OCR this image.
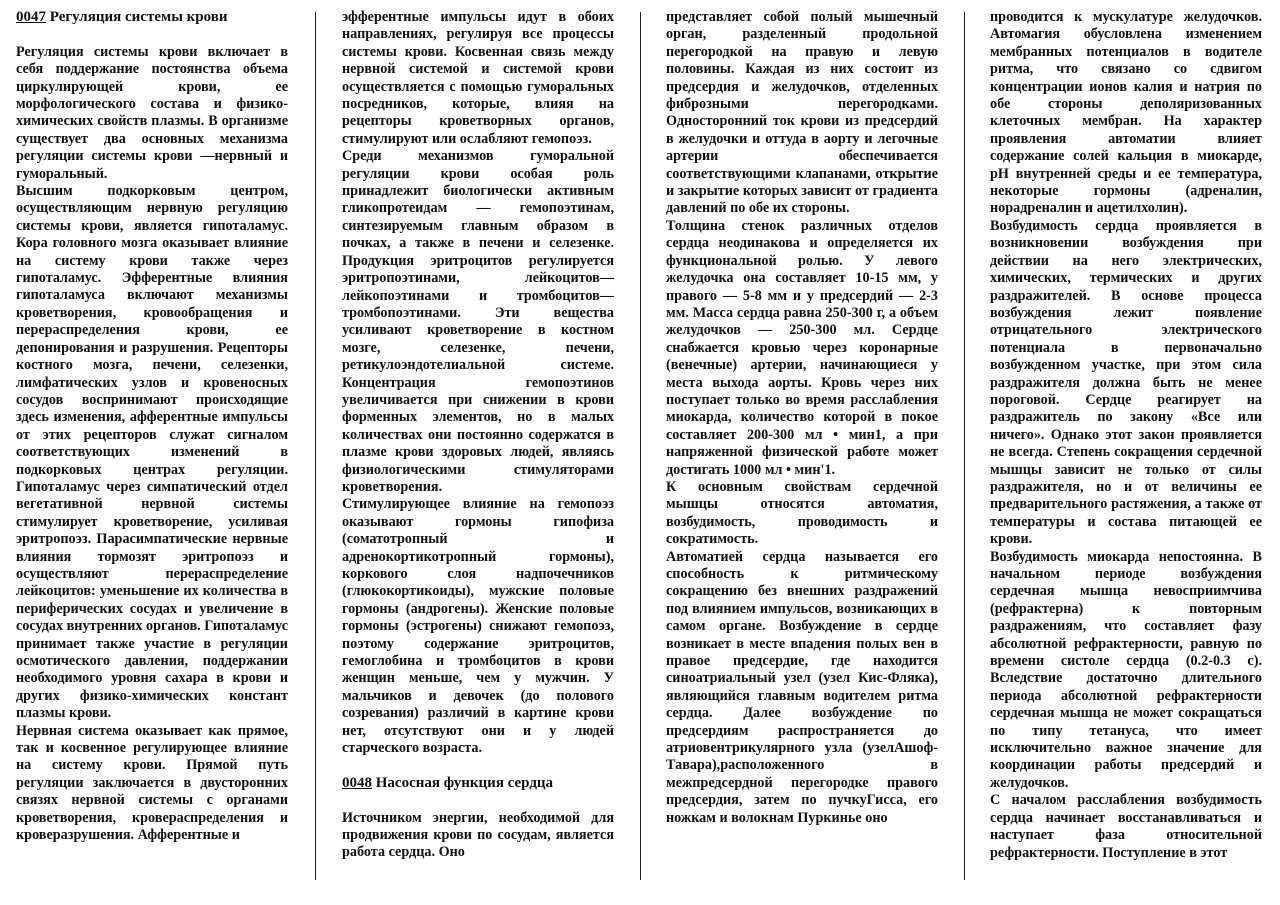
0047 Регуляция системы крови

Регуляция системы крови включает в себя поддержание постоянства объема циркулирующей крови, ее морфологического состава и физико-химических свойств плазмы. В организме существует два основных механизма регуляции системы крови —нервный и гуморальный.

Высшим подкорковым центром, осуществляющим нервную регуляцию системы крови, является гипоталамус. Кора головного мозга оказывает влияние на систему крови также через гипоталамус. Эфферентные влияния гипоталамуса включают механизмы кроветворения, кровообращения и перераспределения крови, ее депонирования и разрушения. Рецепторы костного мозга, печени, селезенки, лимфатических узлов и кровеносных сосудов воспринимают происходящие здесь изменения, афферентные импульсы от этих рецепторов служат сигналом соответствующих изменений в подкорковых центрах регуляции. Гипоталамус через симпатический отдел вегетативной нервной системы стимулирует кроветворение, усиливая эритропоэз. Парасимпатические нервные влияния тормозят эритропоэз и осуществляют перераспределение лейкоцитов: уменьшение их количества в периферических сосудах и увеличение в сосудах внутренних органов. Гипоталамус принимает также участие в регуляции осмотического давления, поддержании необходимого уровня сахара в крови и других физико-химических констант плазмы крови.

Нервная система оказывает как прямое, так и косвенное регулирующее влияние на систему крови. Прямой путь регуляции заключается в двусторонних связях нервной системы с органами кроветворения, кровераспределения и кроверазрушения. Афферентные и

эфферентные импульсы идут в обоих направлениях, регулируя все процессы системы крови. Косвенная связь между нервной системой и системой крови осуществляется с помощью гуморальных посредников, которые, влияя на рецепторы кроветворных органов, стимулируют или ослабляют гемопоэз.

Среди механизмов гуморальной регуляции крови особая роль принадлежит биологически активным гликопротеидам — гемопоэтинам, синтезируемым главным образом в почках, а также в печени и селезенке. Продукция эритроцитов регулируется эритропоэтинами, лейкоцитов— лейкопоэтинами и тромбоцитов— тромбопоэтинами. Эти вещества усиливают кроветворение в костном мозге, селезенке, печени, ретикулоэндотелиальной системе. Концентрация гемопоэтинов увеличивается при снижении в крови форменных элементов, но в малых количествах они постоянно содержатся в плазме крови здоровых людей, являясь физиологическими стимуляторами кроветворения.

Стимулирующее влияние на гемопоэз оказывают гормоны гипофиза (соматотропный и адренокортикотропный гормоны), коркового слоя надпочечников (глюкокортикоиды), мужские половые гормоны (андрогены). Женские половые гормоны (эстрогены) снижают гемопоэз, поэтому содержание эритроцитов, гемоглобина и тромбоцитов в крови женщин меньше, чем у мужчин. У мальчиков и девочек (до полового созревания) различий в картине крови нет, отсутствуют они и у людей старческого возраста.

0048 Насосная функция сердца

Источником энергии, необходимой для продвижения крови по сосудам, является работа сердца. Оно

представляет собой полый мышечный орган, разделенный продольной перегородкой на правую и левую половины. Каждая из них состоит из предсердия и желудочков, отделенных фиброзными перегородками. Односторонний ток крови из предсердий в желудочки и оттуда в аорту и легочные артерии обеспечивается соответствующими клапанами, открытие и закрытие которых зависит от градиента давлений по обе их стороны.

Толщина стенок различных отделов сердца неодинакова и определяется их функциональной ролью. У левого желудочка она составляет 10-15 мм, у правого — 5-8 мм и у предсердий — 2-3 мм. Масса сердца равна 250-300 г, а объем желудочков — 250-300 мл. Сердце снабжается кровью через коронарные (венечные) артерии, начинающиеся у места выхода аорты. Кровь через них поступает только во время расслабления миокарда, количество которой в покое составляет 200-300 мл • мин1, а при напряженной физической работе может достигать 1000 мл • мин'1.

К основным свойствам сердечной мышцы относятся автоматия, возбудимость, проводимость и сократимость.

Автоматией сердца называется его способность к ритмическому сокращению без внешних раздражений под влиянием импульсов, возникающих в самом органе. Возбуждение в сердце возникает в месте впадения полых вен в правое предсердие, где находится синоатриальный узел (узел Кис-Фляка), являющийся главным водителем ритма сердца. Далее возбуждение по предсердиям распространяется до атриовентрикулярного узла (узелАшоф-Тавара),расположенного в межпредсердной перегородке правого предсердия, затем по пучкуГисса, его ножкам и волокнам Пуркинье оно

проводится к мускулатуре желудочков. Автомагия обусловлена изменением мембранных потенциалов в водителе ритма, что связано со сдвигом концентрации ионов калия и натрия по обе стороны деполяризованных клеточных мембран. На характер проявления автоматии влияет содержание солей кальция в миокарде, рН внутренней среды и ее температура, некоторые гормоны (адреналин, норадреналин и ацетилхолин).

Возбудимость сердца проявляется в возникновении возбуждения при действии на него электрических, химических, термических и других раздражителей. В основе процесса возбуждения лежит появление отрицательного электрического потенциала в первоначально возбужденном участке, при этом сила раздражителя должна быть не менее пороговой. Сердце реагирует на раздражитель по закону «Все или ничего». Однако этот закон проявляется не всегда. Степень сокращения сердечной мышцы зависит не только от силы раздражителя, но и от величины ее предварительного растяжения, а также от температуры и состава питающей ее крови.

Возбудимость миокарда непостоянна. В начальном периоде возбуждения сердечная мышца невосприимчива (рефрактерна) к повторным раздражениям, что составляет фазу абсолютной рефрактерности, равную по времени систоле сердца (0.2-0.3 с). Вследствие достаточно длительного периода абсолютной рефрактерности сердечная мышца не может сокращаться по типу тетануса, что имеет исключительно важное значение для координации работы предсердий и желудочков.

С началом расслабления возбудимость сердца начинает восстанавливаться и наступает фаза относительной рефрактерности. Поступление в этот
